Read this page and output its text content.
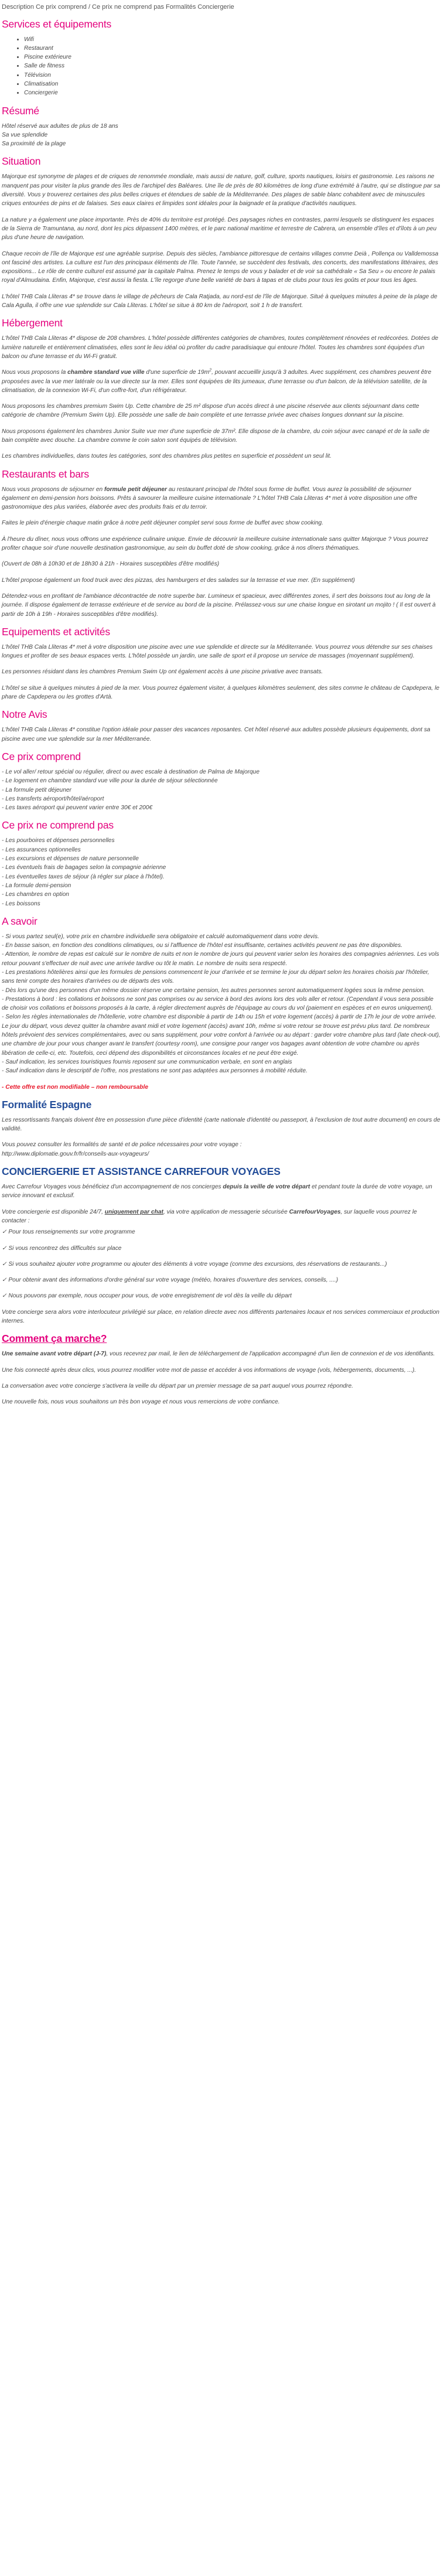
Description Ce prix comprend / Ce prix ne comprend pas Formalités Conciergerie
Services et équipements
• Wifi
• Restaurant
• Piscine extérieure
• Salle de fitness
• Télévision
• Climatisation
• Conciergerie
Résumé
Hôtel réservé aux adultes de plus de 18 ans
Sa vue splendide
Sa proximité de la plage
Situation

Majorque est synonyme de plages et de criques de renommée mondiale, mais aussi de nature, golf, culture, sports nautiques, loisirs et gastronomie. Les raisons ne manquent pas pour visiter la plus grande des îles de l'archipel des Baléares. Une île de près de 80 kilomètres de long d'une extrémité à l'autre, qui se distingue par sa diversité. Vous y trouverez certaines des plus belles criques et étendues de sable de la Méditerranée. Des plages de sable blanc cohabitent avec de minuscules criques entourées de pins et de falaises. Ses eaux claires et limpides sont idéales pour la baignade et la pratique d'activités nautiques.

La nature y a également une place importante. Près de 40% du territoire est protégé. Des paysages riches en contrastes, parmi lesquels se distinguent les espaces de la Sierra de Tramuntana, au nord, dont les pics dépassent 1400 mètres, et le parc national maritime et terrestre de Cabrera, un ensemble d'îles et d'îlots à un peu plus d'une heure de navigation.

Chaque recoin de l'île de Majorque est une agréable surprise. Depuis des siècles, l'ambiance pittoresque de certains villages comme Deià , Pollença ou Valldemossa ont fasciné des artistes. La culture est l'un des principaux éléments de l'île. Toute l'année, se succèdent des festivals, des concerts, des manifestations littéraires, des expositions... Le rôle de centre culturel est assumé par la capitale Palma. Prenez le temps de vous y balader et de voir sa cathédrale « Sa Seu » ou encore le palais royal d'Almudaina. Enfin, Majorque, c'est aussi la fiesta. L'île regorge d'une belle variété de bars à tapas et de clubs pour tous les goûts et pour tous les âges.

L'hôtel THB Cala Lliteras 4* se trouve dans le village de pêcheurs de Cala Ratjada, au nord-est de l'île de Majorque. Situé à quelques minutes à peine de la plage de Cala Agulla, il offre une vue splendide sur Cala Lliteras. L'hôtel se situe à 80 km de l'aéroport, soit 1 h de transfert.

Hébergement

L'hôtel THB Cala Lliteras 4* dispose de 208 chambres. L'hôtel possède différentes catégories de chambres, toutes complètement rénovées et redécorées. Dotées de lumière naturelle et entièrement climatisées, elles sont le lieu idéal où profiter du cadre paradisiaque qui entoure l'hôtel. Toutes les chambres sont équipées d'un balcon ou d'une terrasse et du Wi-Fi gratuit.

Nous vous proposons la chambre standard vue ville d'une superficie de $19m^2$, pouvant accueillir jusqu'à 3 adultes. Avec supplément, ces chambres peuvent être proposées avec la vue mer latérale ou la vue directe sur la mer. Elles sont équipées de lits jumeaux, d'une terrasse ou d'un balcon, de la télévision satellite, de la climatisation, de la connexion Wi-Fi, d'un coffre-fort, d'un réfrigérateur.

Nous proposons les chambres premium Swim Up. Cette chambre de 25 m² dispose d'un accès direct à une piscine réservée aux clients séjournant dans cette catégorie de chambre (Premium Swim Up). Elle possède une salle de bain complète et une terrasse privée avec chaises longues donnant sur la piscine.

Nous proposons également les chambres Junior Suite vue mer d'une superficie de 37m². Elle dispose de la chambre, du coin séjour avec canapé et de la salle de bain complète avec douche. La chambre comme le coin salon sont équipés de télévision.

Les chambres individuelles, dans toutes les catégories, sont des chambres plus petites en superficie et possèdent un seul lit.

Restaurants et bars

Nous vous proposons de séjourner en formule petit déjeuner au restaurant principal de l'hôtel sous forme de buffet. Vous aurez la possibilité de séjourner également en demi-pension hors boissons. Prêts à savourer la meilleure cuisine internationale ? L'hôtel THB Cala Lliteras 4* met à votre disposition une offre gastronomique des plus variées, élaborée avec des produits frais et du terroir.

Faites le plein d'énergie chaque matin grâce à notre petit déjeuner complet servi sous forme de buffet avec show cooking.

À l'heure du dîner, nous vous offrons une expérience culinaire unique. Envie de découvrir la meilleure cuisine internationale sans quitter Majorque ? Vous pourrez profiter chaque soir d'une nouvelle destination gastronomique, au sein du buffet doté de show cooking, grâce à nos dîners thématiques.

(Ouvert de 08h à 10h30 et de 18h30 à 21h - Horaires susceptibles d'être modifiés)

L'hôtel propose également un food truck avec des pizzas, des hamburgers et des salades sur la terrasse et vue mer. (En supplément)

Détendez-vous en profitant de l'ambiance décontractée de notre superbe bar. Lumineux et spacieux, avec différentes zones, il sert des boissons tout au long de la journée. Il dispose également de terrasse extérieure et de service au bord de la piscine. Prélassez-vous sur une chaise longue en sirotant un mojito ! ( Il est ouvert à partir de 10h à 19h - Horaires susceptibles d'être modifiés).

Equipements et activités

L'hôtel THB Cala Lliteras 4* met à votre disposition une piscine avec une vue splendide et directe sur la Méditerranée. Vous pourrez vous détendre sur ses chaises longues et profiter de ses beaux espaces verts. L'hôtel possède un jardin, une salle de sport et il propose un service de massages (moyennant supplément).

Les personnes résidant dans les chambres Premium Swim Up ont également accès à une piscine privative avec transats.

L'hôtel se situe à quelques minutes à pied de la mer. Vous pourrez également visiter, à quelques kilomètres seulement, des sites comme le château de Capdepera, le phare de Capdepera ou les grottes d'Artà.

Notre Avis

L'hôtel THB Cala Lliteras 4* constitue l'option idéale pour passer des vacances reposantes. Cet hôtel réservé aux adultes possède plusieurs équipements, dont sa piscine avec une vue splendide sur la mer Méditerranée.

Ce prix comprend
- Le vol aller/ retour spécial ou régulier, direct ou avec escale à destination de Palma de Majorque
- Le logement en chambre standard vue ville pour la durée de séjour sélectionnée
- La formule petit déjeuner
- Les transferts aéroport/hôtel/aéroport
- Les taxes aéroport qui peuvent varier entre 30€ et 200€
Ce prix ne comprend pas
- Les pourboires et dépenses personnelles
- Les assurances optionnelles
- Les excursions et dépenses de nature personnelle
- Les éventuels frais de bagages selon la compagnie aérienne
- Les éventuelles taxes de séjour (à régler sur place à l'hôtel).
- La formule demi-pension
- Les chambres en option
- Les boissons
A savoir
- Si vous partez seul(e), votre prix en chambre individuelle sera obligatoire et calculé automatiquement dans votre devis.
- En basse saison, en fonction des conditions climatiques, ou si l'affluence de l'hôtel est insuffisante, certaines activités peuvent ne pas être disponibles.
- Attention, le nombre de repas est calculé sur le nombre de nuits et non le nombre de jours qui peuvent varier selon les horaires des compagnies aériennes. Les vols retour pouvant s'effectuer de nuit avec une arrivée tardive ou tôt le matin. Le nombre de nuits sera respecté.
- Les prestations hôtelières ainsi que les formules de pensions commencent le jour d'arrivée et se termine le jour du départ selon les horaires choisis par l'hôtelier, sans tenir compte des horaires d'arrivées ou de départs des vols.
- Dès lors qu'une des personnes d'un même dossier réserve une certaine pension, les autres personnes seront automatiquement logées sous la même pension.
- Prestations à bord : les collations et boissons ne sont pas comprises ou au service à bord des avions lors des vols aller et retour. (Cependant il vous sera possible de choisir vos collations et boissons proposés à la carte, à régler directement auprès de l'équipage au cours du vol (paiement en espèces et en euros uniquement).
- Selon les règles internationales de l'hôtellerie, votre chambre est disponible à partir de 14h ou 15h et votre logement (accès) à partir de 17h le jour de votre arrivée. Le jour du départ, vous devez quitter la chambre avant midi et votre logement (accès) avant 10h, même si votre retour se trouve est prévu plus tard. De nombreux hôtels prévoient des services complémentaires, avec ou sans supplément, pour votre confort à l'arrivée ou au départ : garder votre chambre plus tard (late check-out), une chambre de jour pour vous changer avant le transfert (courtesy room), une consigne pour ranger vos bagages avant obtention de votre chambre ou après libération de celle-ci, etc. Toutefois, ceci dépend des disponibilités et circonstances locales et ne peut être exigé.
- Sauf indication, les services touristiques fournis reposent sur une communication verbale, en sont en anglais
- Sauf indication dans le descriptif de l'offre, nos prestations ne sont pas adaptées aux personnes à mobilité réduite.

- Cette offre est non modifiable – non remboursable

Formalité Espagne

Les ressortissants français doivent être en possession d'une pièce d'identité (carte nationale d'identité ou passeport, à l'exclusion de tout autre document) en cours de validité.

Vous pouvez consulter les formalités de santé et de police nécessaires pour votre voyage :
http://www.diplomatie.gouv.fr/fr/conseils-aux-voyageurs/

CONCIERGERIE ET ASSISTANCE CARREFOUR VOYAGES

Avec Carrefour Voyages vous bénéficiez d'un accompagnement de nos concierges depuis la veille de votre départ et pendant toute la durée de votre voyage, un service innovant et exclusif.

Votre conciergerie est disponible 24/7, uniquement par chat, via votre application de messagerie sécurisée CarrefourVoyages, sur laquelle vous pourrez le contacter :

✓ Pour tous renseignements sur votre programme

✓ Si vous rencontrez des difficultés sur place

✓ Si vous souhaitez ajouter votre programme ou ajouter des éléments à votre voyage (comme des excursions, des réservations de restaurants...)

✓ Pour obtenir avant des informations d'ordre général sur votre voyage (météo, horaires d'ouverture des services, conseils, ....)

✓ Nous pouvons par exemple, nous occuper pour vous, de votre enregistrement de vol dès la veille du départ

Votre concierge sera alors votre interlocuteur privilégié sur place, en relation directe avec nos différents partenaires locaux et nos services commerciaux et production internes.

Comment ça marche?

Une semaine avant votre départ (J-7), vous recevrez par mail, le lien de téléchargement de l'application accompagné d'un lien de connexion et de vos identifiants.

Une fois connecté après deux clics, vous pourrez modifier votre mot de passe et accéder à vos informations de voyage (vols, hébergements, documents, ...).

La conversation avec votre concierge s'activera la veille du départ par un premier message de sa part auquel vous pourrez répondre.

Une nouvelle fois, nous vous souhaitons un très bon voyage et nous vous remercions de votre confiance.
